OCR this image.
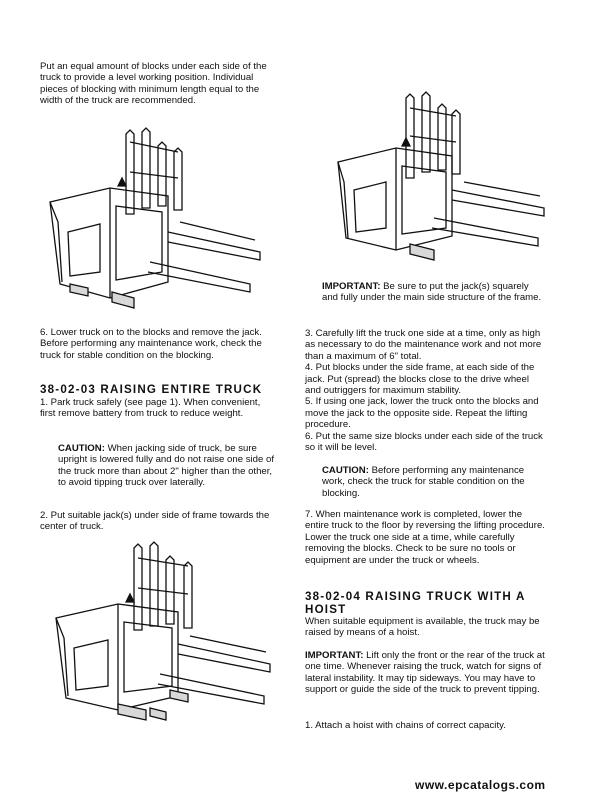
Put an equal amount of blocks under each side of the truck to provide a level working position. Individual pieces of blocking with minimum length equal to the width of the truck are recommended.

6. Lower truck on to the blocks and remove the jack. Before performing any maintenance work, check the truck for stable condition on the blocking.

38-02-03 RAISING ENTIRE TRUCK

1. Park truck safely (see page 1). When convenient, first remove battery from truck to reduce weight.

CAUTION: When jacking side of truck, be sure upright is lowered fully and do not raise one side of the truck more than about 2" higher than the other, to avoid tipping truck over laterally.

2. Put suitable jack(s) under side of frame towards the center of truck.

IMPORTANT: Be sure to put the jack(s) squarely and fully under the main side structure of the frame.

3. Carefully lift the truck one side at a time, only as high as necessary to do the maintenance work and not more than a maximum of 6" total.
4. Put blocks under the side frame, at each side of the jack. Put (spread) the blocks close to the drive wheel and outriggers for maximum stability.
5. If using one jack, lower the truck onto the blocks and move the jack to the opposite side. Repeat the lifting procedure.
6. Put the same size blocks under each side of the truck so it will be level.

CAUTION: Before performing any maintenance work, check the truck for stable condition on the blocking.

7. When maintenance work is completed, lower the entire truck to the floor by reversing the lifting procedure.
Lower the truck one side at a time, while carefully removing the blocks. Check to be sure no tools or equipment are under the truck or wheels.

38-02-04 RAISING TRUCK WITH A

HOIST

When suitable equipment is available, the truck may be raised by means of a hoist.

IMPORTANT: Lift only the front or the rear of the truck at one time. Whenever raising the truck, watch for signs of lateral instability. It may tip sideways. You may have to support or guide the side of the truck to prevent tipping.

1. Attach a hoist with chains of correct capacity.

www.epcatalogs.com
